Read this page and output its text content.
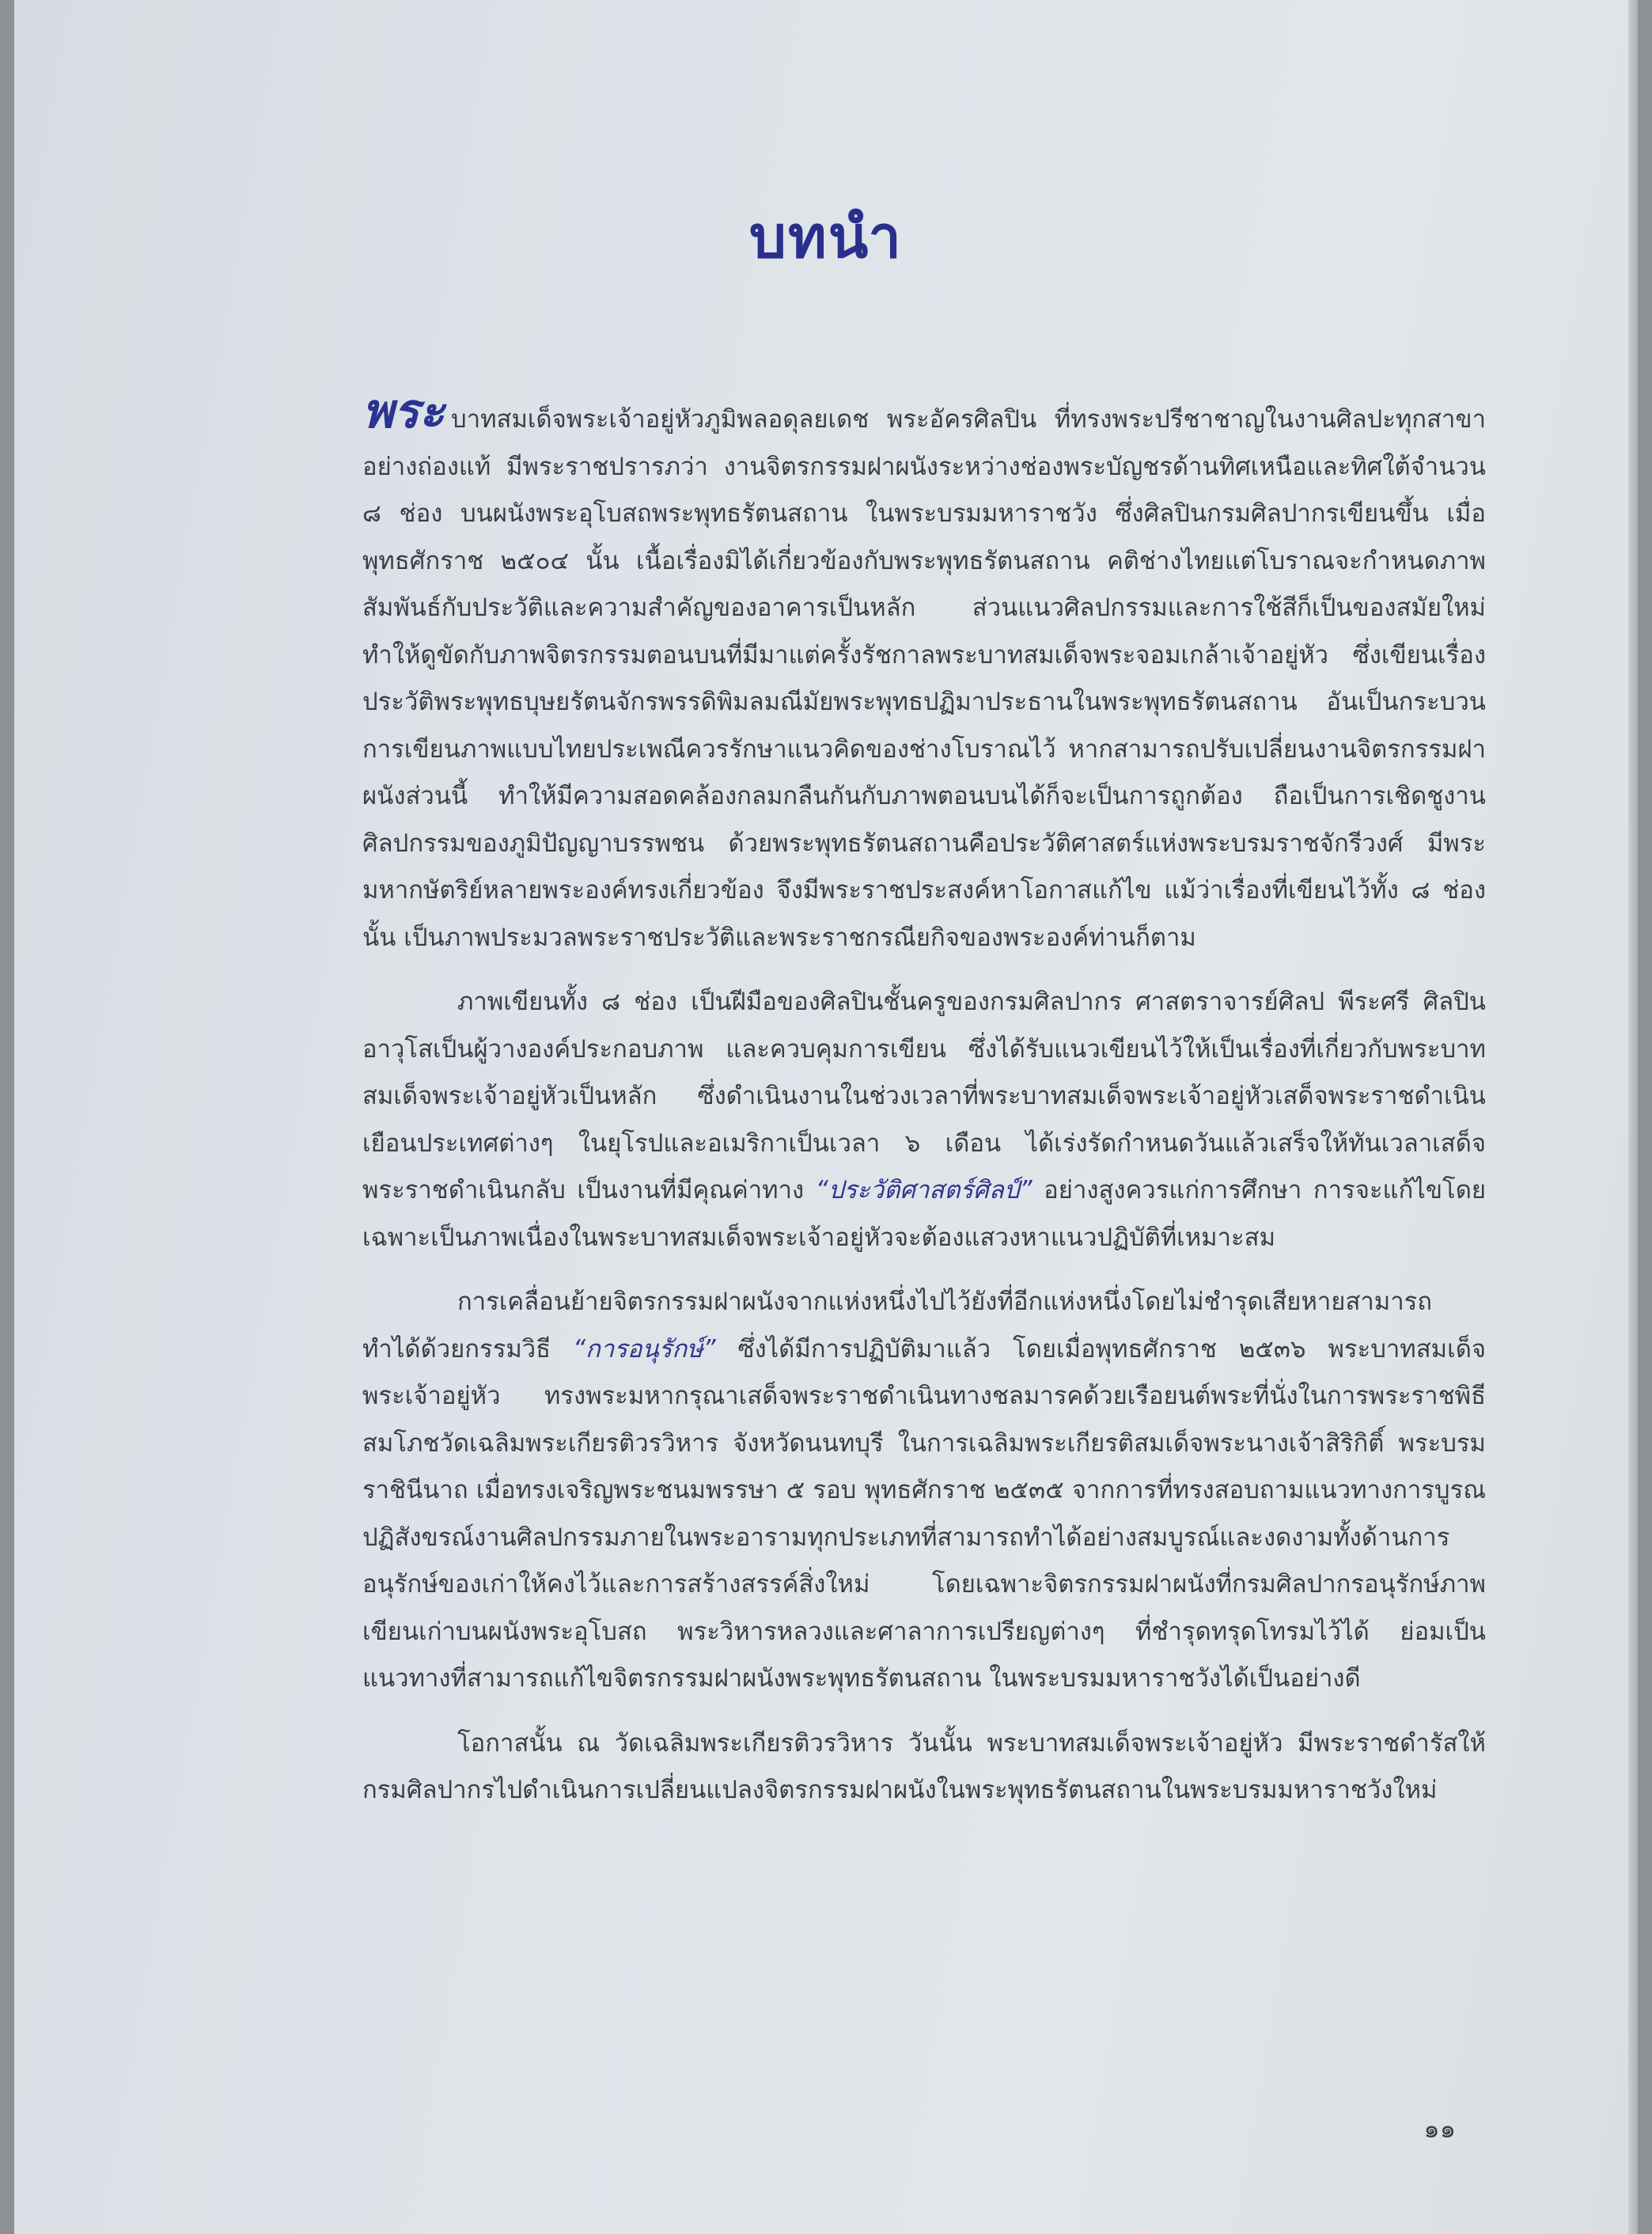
บทนำ

พระ บาทสมเด็จพระเจ้าอยู่หัวภูมิพลอดุลยเดช พระอัครศิลปิน ที่ทรงพระปรีชาชาญในงานศิลปะทุกสาขาอย่างถ่องแท้ มีพระราชปรารภว่า งานจิตรกรรมฝาผนังระหว่างช่องพระบัญชรด้านทิศเหนือและทิศใต้จำนวน ๘ ช่อง บนผนังพระอุโบสถพระพุทธรัตนสถาน ในพระบรมมหาราชวัง ซึ่งศิลปินกรมศิลปากรเขียนขึ้น เมื่อพุทธศักราช ๒๕๐๔ นั้น เนื้อเรื่องมิได้เกี่ยวข้องกับพระพุทธรัตนสถาน คติช่างไทยแต่โบราณจะกำหนดภาพสัมพันธ์กับประวัติและความสำคัญของอาคารเป็นหลัก ส่วนแนวศิลปกรรมและการใช้สีก็เป็นของสมัยใหม่ ทำให้ดูขัดกับภาพจิตรกรรมตอนบนที่มีมาแต่ครั้งรัชกาลพระบาทสมเด็จพระจอมเกล้าเจ้าอยู่หัว ซึ่งเขียนเรื่องประวัติพระพุทธบุษยรัตนจักรพรรดิพิมลมณีมัยพระพุทธปฏิมาประธานในพระพุทธรัตนสถาน อันเป็นกระบวนการเขียนภาพแบบไทยประเพณีควรรักษาแนวคิดของช่างโบราณไว้ หากสามารถปรับเปลี่ยนงานจิตรกรรมฝาผนังส่วนนี้ ทำให้มีความสอดคล้องกลมกลืนกันกับภาพตอนบนได้ก็จะเป็นการถูกต้อง ถือเป็นการเชิดชูงานศิลปกรรมของภูมิปัญญาบรรพชน ด้วยพระพุทธรัตนสถานคือประวัติศาสตร์แห่งพระบรมราชจักรีวงศ์ มีพระมหากษัตริย์หลายพระองค์ทรงเกี่ยวข้อง จึงมีพระราชประสงค์หาโอกาสแก้ไข แม้ว่าเรื่องที่เขียนไว้ทั้ง ๘ ช่องนั้น เป็นภาพประมวลพระราชประวัติและพระราชกรณียกิจของพระองค์ท่านก็ตาม

ภาพเขียนทั้ง ๘ ช่อง เป็นฝีมือของศิลปินชั้นครูของกรมศิลปากร ศาสตราจารย์ศิลป พีระศรี ศิลปินอาวุโสเป็นผู้วางองค์ประกอบภาพ และควบคุมการเขียน ซึ่งได้รับแนวเขียนไว้ให้เป็นเรื่องที่เกี่ยวกับพระบาทสมเด็จพระเจ้าอยู่หัวเป็นหลัก ซึ่งดำเนินงานในช่วงเวลาที่พระบาทสมเด็จพระเจ้าอยู่หัวเสด็จพระราชดำเนินเยือนประเทศต่างๆ ในยุโรปและอเมริกาเป็นเวลา ๖ เดือน ได้เร่งรัดกำหนดวันแล้วเสร็จให้ทันเวลาเสด็จพระราชดำเนินกลับ เป็นงานที่มีคุณค่าทาง “ประวัติศาสตร์ศิลป์” อย่างสูงควรแก่การศึกษา การจะแก้ไขโดยเฉพาะเป็นภาพเนื่องในพระบาทสมเด็จพระเจ้าอยู่หัวจะต้องแสวงหาแนวปฏิบัติที่เหมาะสม

การเคลื่อนย้ายจิตรกรรมฝาผนังจากแห่งหนึ่งไปไว้ยังที่อีกแห่งหนึ่งโดยไม่ชำรุดเสียหายสามารถทำได้ด้วยกรรมวิธี “การอนุรักษ์” ซึ่งได้มีการปฏิบัติมาแล้ว โดยเมื่อพุทธศักราช ๒๕๓๖ พระบาทสมเด็จพระเจ้าอยู่หัว ทรงพระมหากรุณาเสด็จพระราชดำเนินทางชลมารคด้วยเรือยนต์พระที่นั่งในการพระราชพิธีสมโภชวัดเฉลิมพระเกียรติวรวิหาร จังหวัดนนทบุรี ในการเฉลิมพระเกียรติสมเด็จพระนางเจ้าสิริกิติ์ พระบรมราชินีนาถ เมื่อทรงเจริญพระชนมพรรษา ๕ รอบ พุทธศักราช ๒๕๓๕ จากการที่ทรงสอบถามแนวทางการบูรณปฏิสังขรณ์งานศิลปกรรมภายในพระอารามทุกประเภทที่สามารถทำได้อย่างสมบูรณ์และงดงามทั้งด้านการอนุรักษ์ของเก่าให้คงไว้และการสร้างสรรค์สิ่งใหม่ โดยเฉพาะจิตรกรรมฝาผนังที่กรมศิลปากรอนุรักษ์ภาพเขียนเก่าบนผนังพระอุโบสถ พระวิหารหลวงและศาลาการเปรียญต่างๆ ที่ชำรุดทรุดโทรมไว้ได้ ย่อมเป็นแนวทางที่สามารถแก้ไขจิตรกรรมฝาผนังพระพุทธรัตนสถาน ในพระบรมมหาราชวังได้เป็นอย่างดี

โอกาสนั้น ณ วัดเฉลิมพระเกียรติวรวิหาร วันนั้น พระบาทสมเด็จพระเจ้าอยู่หัว มีพระราชดำรัสให้กรมศิลปากรไปดำเนินการเปลี่ยนแปลงจิตรกรรมฝาผนังในพระพุทธรัตนสถานในพระบรมมหาราชวังใหม่

๑๑
